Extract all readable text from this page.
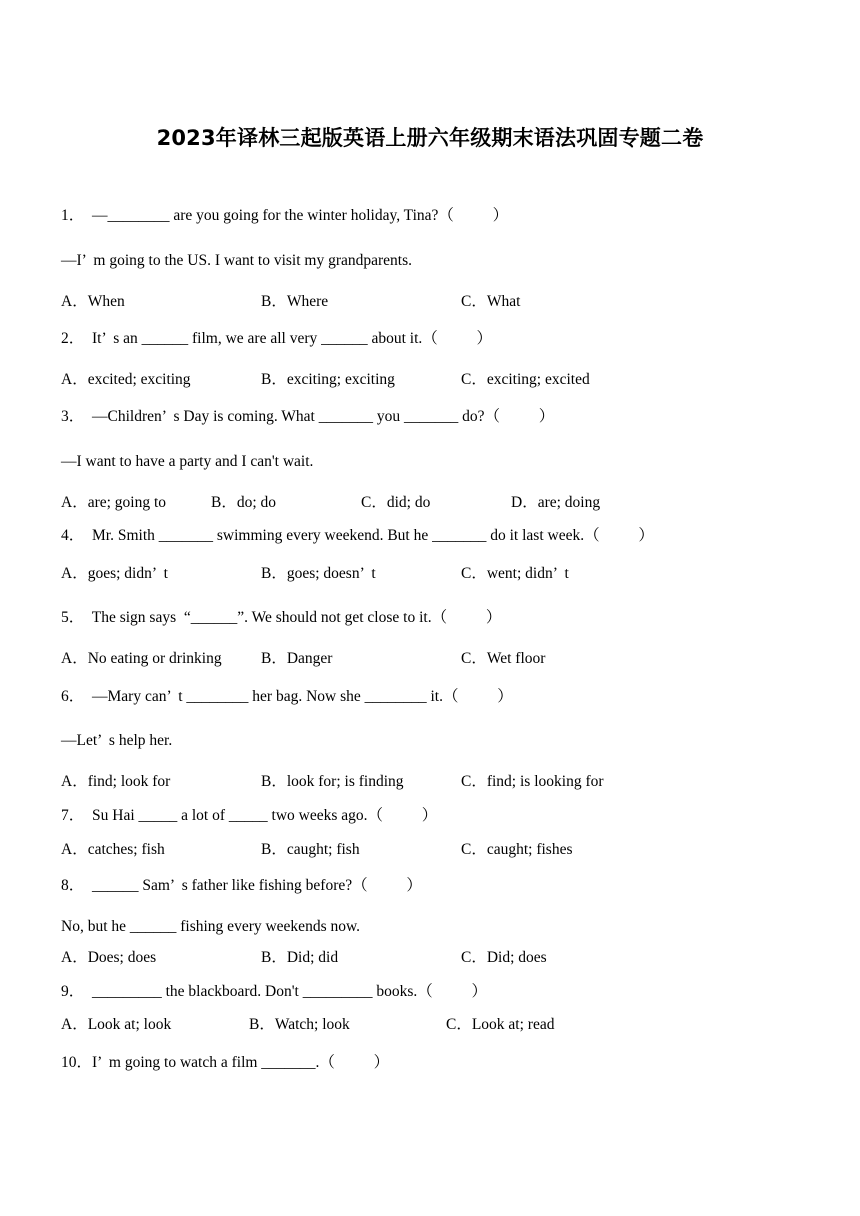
2023年译林三起版英语上册六年级期末语法巩固专题二卷
1．  —________ are you going for the winter holiday, Tina?（          ）
—I’  m going to the US. I want to visit my grandparents.
A．When	B．Where	C．What
2．  It’  s an ______ film, we are all very ______ about it.（          ）
A．excited; exciting	B．exciting; exciting	C．exciting; excited
3．  —Children’  s Day is coming. What _______ you _______ do?（          ）
—I want to have a party and I can't wait.
A．are; going to	B．do; do	C．did; do	D．are; doing
4．  Mr. Smith _______ swimming every weekend. But he _______ do it last week.（          ）
A．goes; didn’  t	B．goes; doesn’  t	C．went; didn’  t
5．  The sign says  “______”. We should not get close to it.（          ）
A．No eating or drinking	B．Danger	C．Wet floor
6．  —Mary can’  t ________ her bag. Now she ________ it.（          ）
—Let’  s help her.
A．find; look for	B．look for; is finding	C．find; is looking for
7．  Su Hai _____ a lot of _____ two weeks ago.（          ）
A．catches; fish	B．caught; fish	C．caught; fishes
8．  ______ Sam’  s father like fishing before?（          ）
No, but he ______ fishing every weekends now.
A．Does; does	B．Did; did	C．Did; does
9．  _________ the blackboard. Don't _________ books.（          ）
A．Look at; look	B．Watch; look	C．Look at; read
10．I’  m going to watch a film _______.（          ）
